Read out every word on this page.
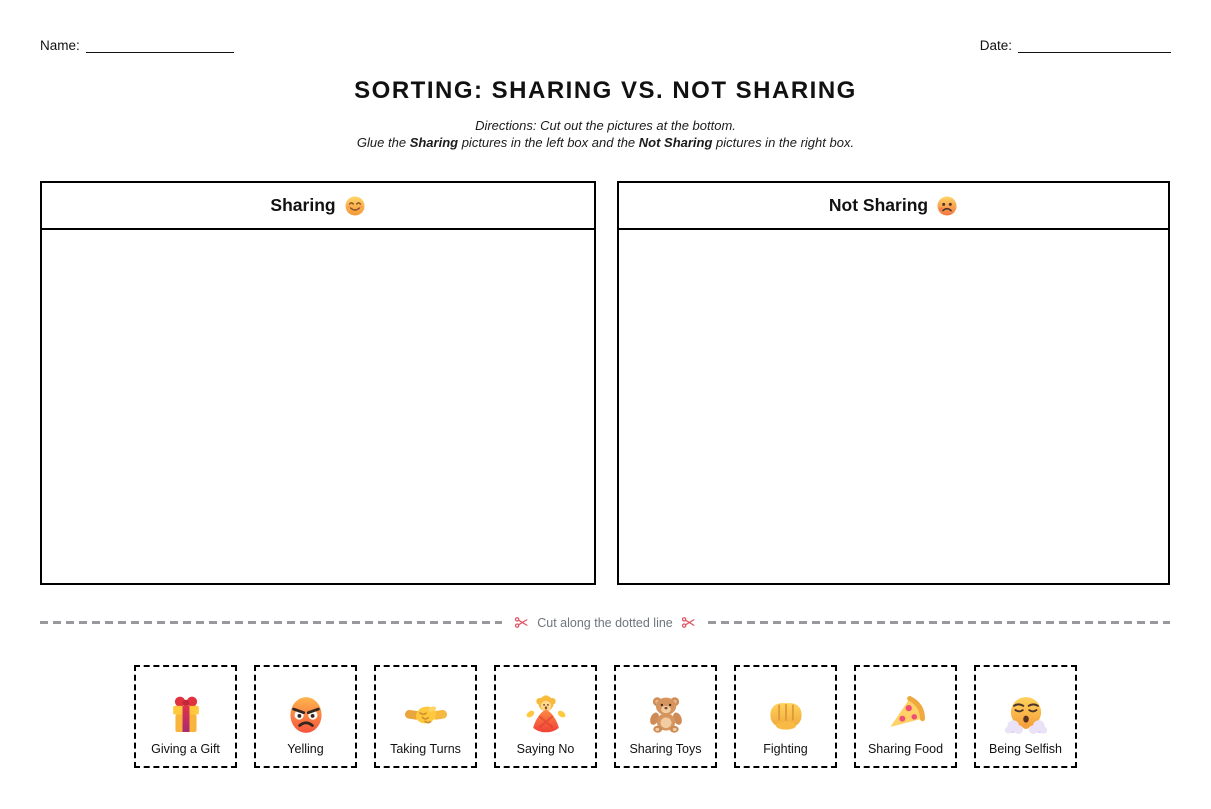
Name:	Date:
SORTING: SHARING VS. NOT SHARING
Directions: Cut out the pictures at the bottom.
Glue the Sharing pictures in the left box and the Not Sharing pictures in the right box.
Sharing	Not Sharing
Cut along the dotted line
Giving a Gift	Yelling	Taking Turns	Saying No	Sharing Toys	Fighting	Sharing Food	Being Selfish
